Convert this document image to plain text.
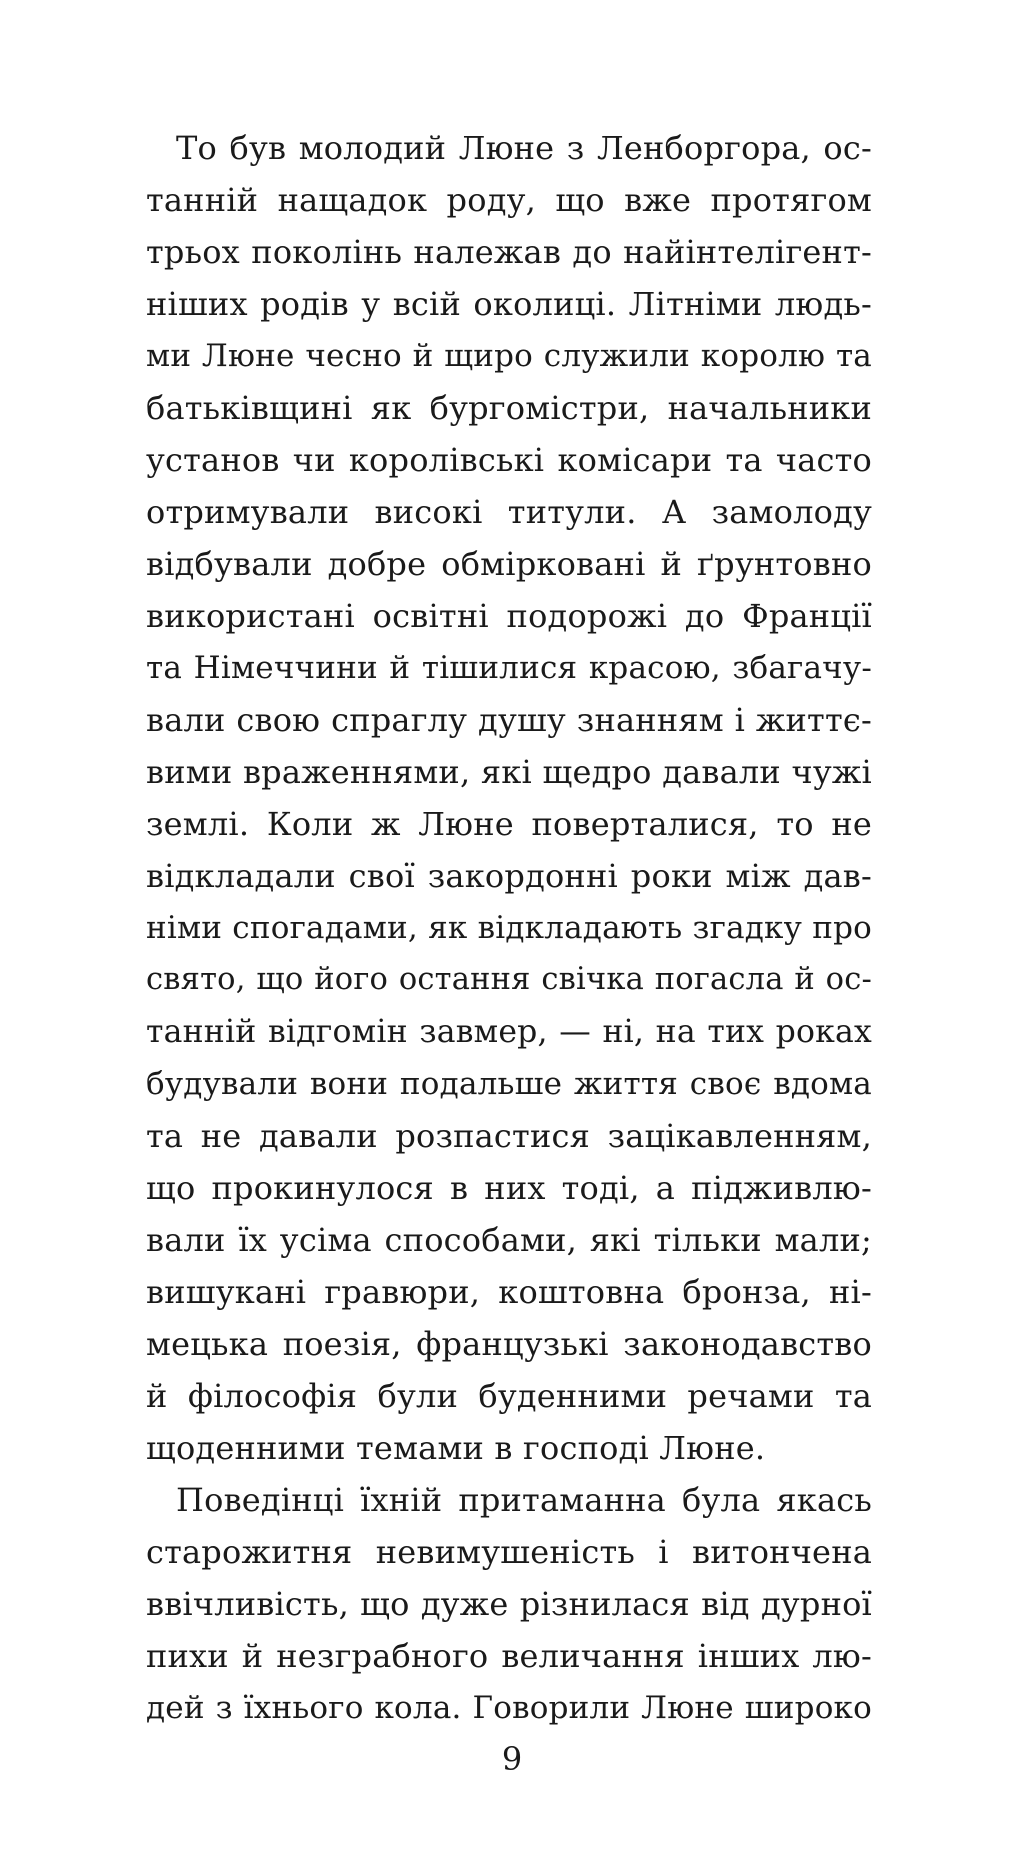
То був молодий Люне з Ленборгора, ос-
танній нащадок роду, що вже протягом
трьох поколінь належав до найінтелігент-
ніших родів у всій околиці. Літніми людь-
ми Люне чесно й щиро служили королю та
батьківщині як бургомістри, начальники
установ чи королівські комісари та часто
отримували високі титули. А замолоду
відбували добре обмірковані й ґрунтовно
використані освітні подорожі до Франції
та Німеччини й тішилися красою, збагачу-
вали свою спраглу душу знанням і життє-
вими враженнями, які щедро давали чужі
землі. Коли ж Люне поверталися, то не
відкладали свої закордонні роки між дав-
німи спогадами, як відкладають згадку про
свято, що його остання свічка погасла й ос-
танній відгомін завмер, — ні, на тих роках
будували вони подальше життя своє вдома
та не давали розпастися зацікавленням,
що прокинулося в них тоді, а підживлю-
вали їх усіма способами, які тільки мали;
вишукані гравюри, коштовна бронза, ні-
мецька поезія, французькі законодавство
й філософія були буденними речами та
щоденними темами в господі Люне.
Поведінці їхній притаманна була якась
старожитня невимушеність і витончена
ввічливість, що дуже різнилася від дурної
пихи й незграбного величання інших лю-
дей з їхнього кола. Говорили Люне широко
9
